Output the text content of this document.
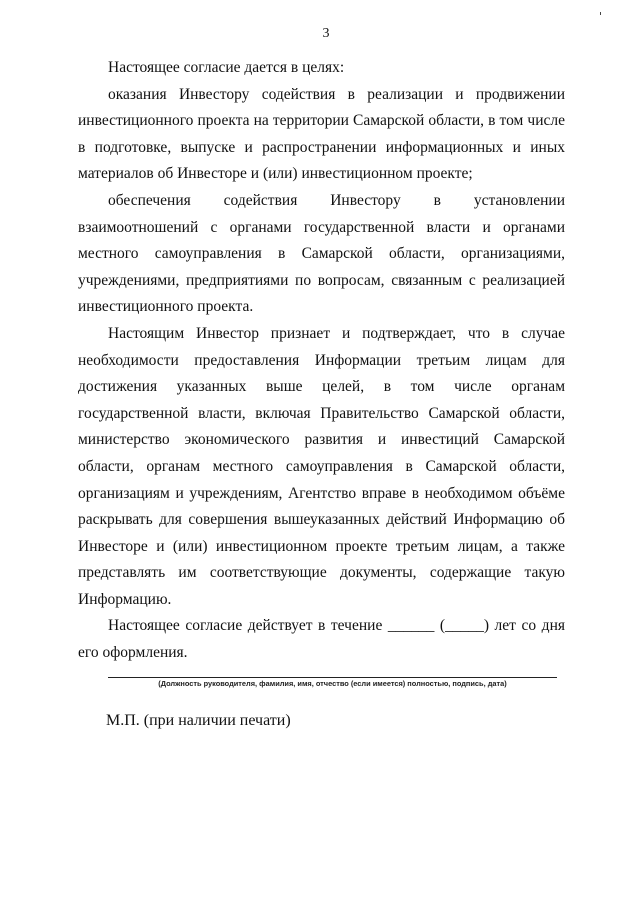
3

Настоящее согласие дается в целях:

оказания Инвестору содействия в реализации и продвижении инвестиционного проекта на территории Самарской области, в том числе в подготовке, выпуске и распространении информационных и иных материалов об Инвесторе и (или) инвестиционном проекте;

обеспечения содействия Инвестору в установлении взаимоотношений с органами государственной власти и органами местного самоуправления в Самарской области, организациями, учреждениями, предприятиями по вопросам, связанным с реализацией инвестиционного проекта.

Настоящим Инвестор признает и подтверждает, что в случае необходимости предоставления Информации третьим лицам для достижения указанных выше целей, в том числе органам государственной власти, включая Правительство Самарской области, министерство экономического развития и инвестиций Самарской области, органам местного самоуправления в Самарской области, организациям и учреждениям, Агентство вправе в необходимом объёме раскрывать для совершения вышеуказанных действий Информацию об Инвесторе и (или) инвестиционном проекте третьим лицам, а также представлять им соответствующие документы, содержащие такую Информацию.

Настоящее согласие действует в течение ______ (_____) лет со дня его оформления.

(Должность руководителя, фамилия, имя, отчество (если имеется) полностью, подпись, дата)
М.П. (при наличии печати)
